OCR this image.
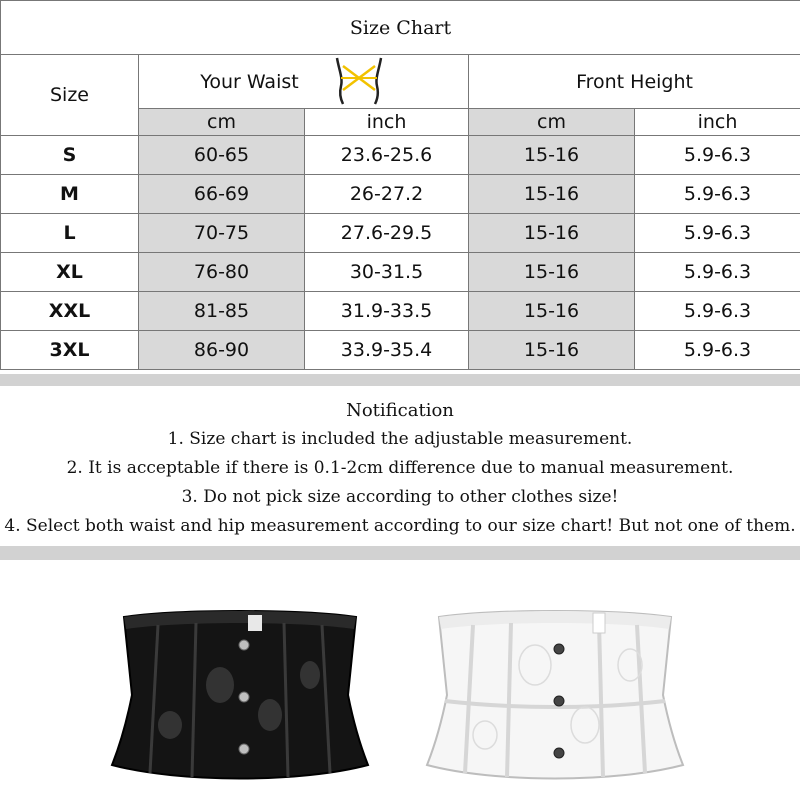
Size Chart				
Size	Your Waist		Front Height	
	cm	inch	cm	inch
S	60-65	23.6-25.6	15-16	5.9-6.3
M	66-69	26-27.2	15-16	5.9-6.3
L	70-75	27.6-29.5	15-16	5.9-6.3
XL	76-80	30-31.5	15-16	5.9-6.3
XXL	81-85	31.9-33.5	15-16	5.9-6.3
3XL	86-90	33.9-35.4	15-16	5.9-6.3
Notification
1. Size chart is included the adjustable measurement.
2. It is acceptable if there is 0.1-2cm difference due to manual measurement.
3. Do not pick size according to other clothes size!
4. Select both waist and hip measurement according to our size chart! But not one of them.
